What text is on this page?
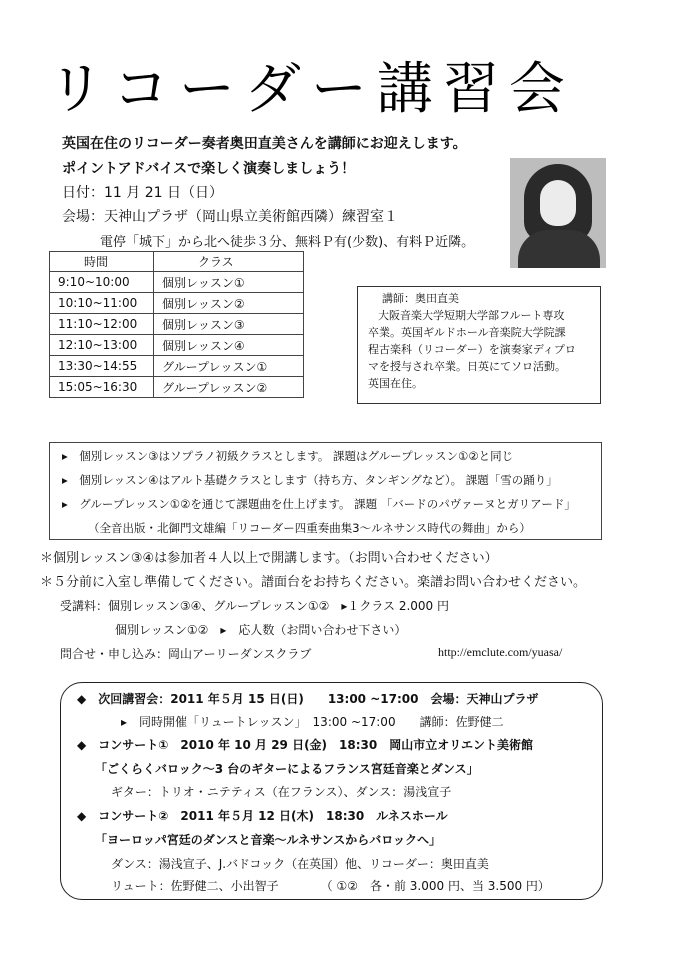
リコーダー講習会
英国在住のリコーダー奏者奥田直美さんを講師にお迎えします。
ポイントアドバイスで楽しく演奏しましょう！
日付：11 月 21 日（日）
会場：天神山プラザ（岡山県立美術館西隣）練習室１
電停「城下」から北へ徒歩３分、無料Ｐ有(少数)、有料Ｐ近隣。
時間	クラス
9:10~10:00	個別レッスン①
10:10~11:00	個別レッスン②
11:10~12:00	個別レッスン③
12:10~13:00	個別レッスン④
13:30~14:55	グループレッスン①
15:05~16:30	グループレッスン②
講師：奥田直美
大阪音楽大学短期大学部フルート専攻
卒業。英国ギルドホール音楽院大学院課
程古楽科（リコーダー）を演奏家ディプロ
マを授与され卒業。日英にてソロ活動。
英国在住。
▸　個別レッスン③はソプラノ初級クラスとします。 課題はグループレッスン①②と同じ
▸　個別レッスン④はアルト基礎クラスとします（持ち方、タンギングなど）。 課題「雪の踊り」
▸　グループレッスン①②を通じて課題曲を仕上げます。 課題 「バードのパヴァーヌとガリアード」
（全音出版・北御門文雄編「リコーダー四重奏曲集3～ルネサンス時代の舞曲」から）
＊個別レッスン③④は参加者４人以上で開講します。（お問い合わせください）
＊５分前に入室し準備してください。譜面台をお持ちください。楽譜お問い合わせください。
受講料：個別レッスン③④、グループレッスン①②　▸１クラス 2.000 円
個別レッスン①②　▸　応人数（お問い合わせ下さい）
問合せ・申し込み：岡山アーリーダンスクラブ	http://emclute.com/yuasa/
◆　次回講習会：2011 年５月 15 日(日)　　13:00 ~17:00　会場：天神山プラザ
▸　同時開催「リュートレッスン」　13:00 ~17:00　　講師：佐野健二
◆　コンサート①　2010 年 10 月 29 日(金)　18:30　岡山市立オリエント美術館
「ごくらくバロック～3 台のギターによるフランス宮廷音楽とダンス」
ギター：トリオ・ニテティス（在フランス）、ダンス：湯浅宣子
◆　コンサート②　2011 年５月 12 日(木)　18:30　ルネスホール
「ヨーロッパ宮廷のダンスと音楽～ルネサンスからバロックへ」
ダンス：湯浅宣子、J.バドコック（在英国）他、リコーダー：奥田直美
リュート：佐野健二、小出智子　　　　（ ①②　各・前 3.000 円、当 3.500 円）
